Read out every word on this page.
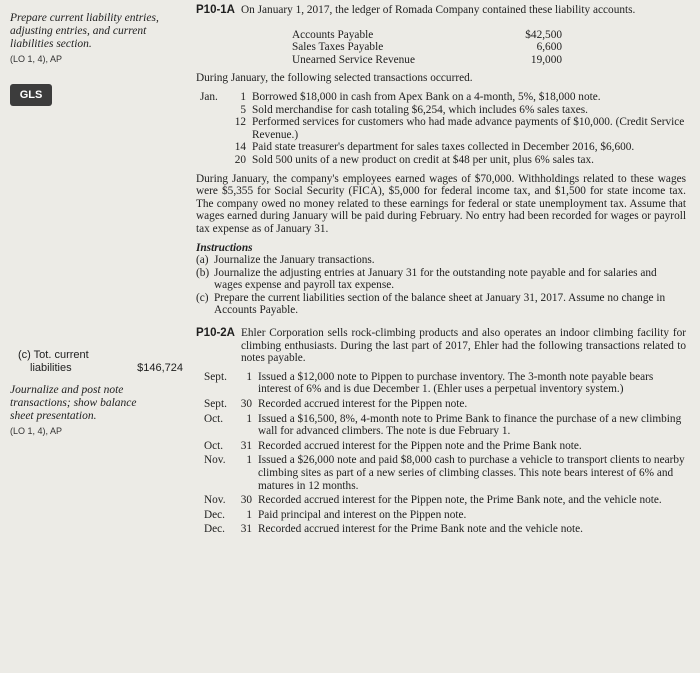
Prepare current liability entries,
adjusting entries, and current
liabilities section.
(LO 1, 4), AP
GLS
(c) Tot. current
liabilities	$146,724
Journalize and post note
transactions; show balance
sheet presentation.
(LO 1, 4), AP
P10-1A On January 1, 2017, the ledger of Romada Company contained these liability accounts.
Accounts Payable	$42,500
Sales Taxes Payable	6,600
Unearned Service Revenue	19,000
During January, the following selected transactions occurred.
Jan.	1 Borrowed $18,000 in cash from Apex Bank on a 4-month, 5%, $18,000 note.
5 Sold merchandise for cash totaling $6,254, which includes 6% sales taxes.
12 Performed services for customers who had made advance payments of $10,000. (Credit Service Revenue.)
14 Paid state treasurer's department for sales taxes collected in December 2016, $6,600.
20 Sold 500 units of a new product on credit at $48 per unit, plus 6% sales tax.
During January, the company's employees earned wages of $70,000. Withholdings related to these wages were $5,355 for Social Security (FICA), $5,000 for federal income tax, and $1,500 for state income tax. The company owed no money related to these earnings for federal or state unemployment tax. Assume that wages earned during January will be paid during February. No entry had been recorded for wages or payroll tax expense as of January 31.
Instructions
(a) Journalize the January transactions.
(b) Journalize the adjusting entries at January 31 for the outstanding note payable and for salaries and wages expense and payroll tax expense.
(c) Prepare the current liabilities section of the balance sheet at January 31, 2017. Assume no change in Accounts Payable.
P10-2A Ehler Corporation sells rock-climbing products and also operates an indoor climbing facility for climbing enthusiasts. During the last part of 2017, Ehler had the following transactions related to notes payable.
Sept.	1 Issued a $12,000 note to Pippen to purchase inventory. The 3-month note payable bears interest of 6% and is due December 1. (Ehler uses a perpetual inventory system.)
Sept.	30 Recorded accrued interest for the Pippen note.
Oct.	1 Issued a $16,500, 8%, 4-month note to Prime Bank to finance the purchase of a new climbing wall for advanced climbers. The note is due February 1.
Oct.	31 Recorded accrued interest for the Pippen note and the Prime Bank note.
Nov.	1 Issued a $26,000 note and paid $8,000 cash to purchase a vehicle to transport clients to nearby climbing sites as part of a new series of climbing classes. This note bears interest of 6% and matures in 12 months.
Nov.	30 Recorded accrued interest for the Pippen note, the Prime Bank note, and the vehicle note.
Dec.	1 Paid principal and interest on the Pippen note.
Dec.	31 Recorded accrued interest for the Prime Bank note and the vehicle note.
